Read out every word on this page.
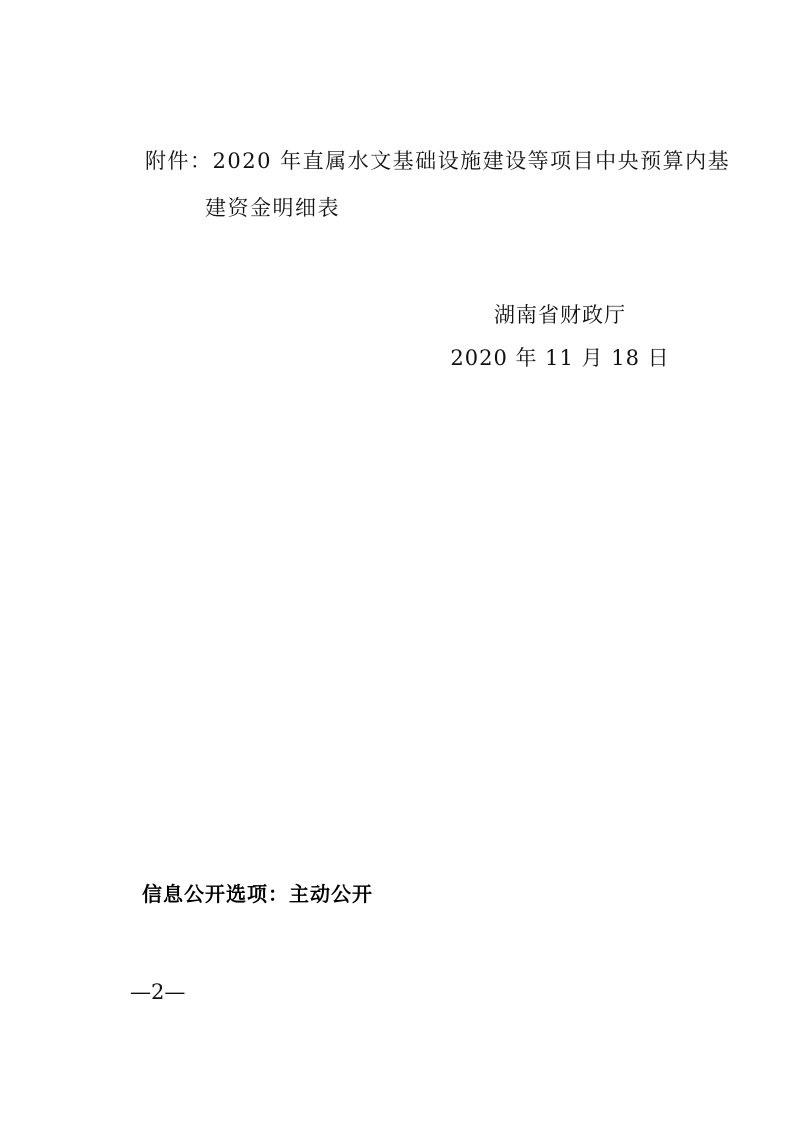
附件：2020 年直属水文基础设施建设等项目中央预算内基
建资金明细表
湖南省财政厅
2020 年 11 月 18 日
信息公开选项：主动公开
—2—
